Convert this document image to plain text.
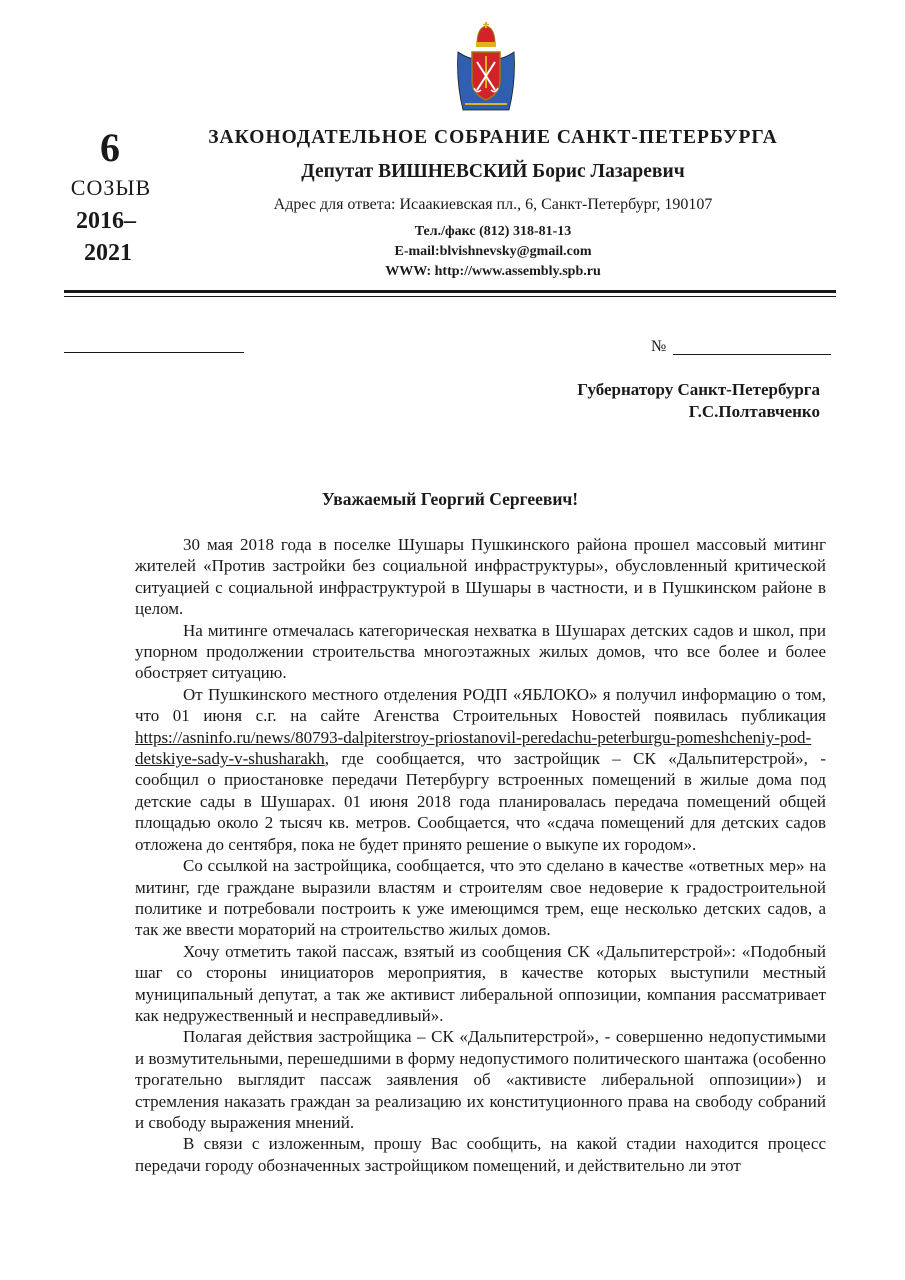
6
СОЗЫВ
2016–
2021
ЗАКОНОДАТЕЛЬНОЕ СОБРАНИЕ САНКТ-ПЕТЕРБУРГА
Депутат ВИШНЕВСКИЙ Борис Лазаревич
Адрес для ответа: Исаакиевская пл., 6, Санкт-Петербург, 190107
Тел./факс (812) 318-81-13
E-mail:blvishnevsky@gmail.com
WWW: http://www.assembly.spb.ru
№
Губернатору Санкт-Петербурга
Г.С.Полтавченко
Уважаемый Георгий Сергеевич!

30 мая 2018 года в поселке Шушары Пушкинского района прошел массовый митинг жителей «Против застройки без социальной инфраструктуры», обусловленный критической ситуацией с социальной инфраструктурой в Шушары в частности, и в Пушкинском районе в целом.

На митинге отмечалась категорическая нехватка в Шушарах детских садов и школ, при упорном продолжении строительства многоэтажных жилых домов, что все более и более обостряет ситуацию.

От Пушкинского местного отделения РОДП «ЯБЛОКО» я получил информацию о том, что 01 июня с.г. на сайте Агенства Строительных Новостей появилась публикация https://asninfo.ru/news/80793-dalpiterstroy-priostanovil-peredachu-peterburgu-pomeshcheniy-pod-detskiye-sady-v-shusharakh, где сообщается, что застройщик – СК «Дальпитерстрой», - сообщил о приостановке передачи Петербургу встроенных помещений в жилые дома под детские сады в Шушарах. 01 июня 2018 года планировалась передача помещений общей площадью около 2 тысяч кв. метров. Сообщается, что «сдача помещений для детских садов отложена до сентября, пока не будет принято решение о выкупе их городом».

Со ссылкой на застройщика, сообщается, что это сделано в качестве «ответных мер» на митинг, где граждане выразили властям и строителям свое недоверие к градостроительной политике и потребовали построить к уже имеющимся трем, еще несколько детских садов, а так же ввести мораторий на строительство жилых домов.

Хочу отметить такой пассаж, взятый из сообщения СК «Дальпитерстрой»: «Подобный шаг со стороны инициаторов мероприятия, в качестве которых выступили местный муниципальный депутат, а так же активист либеральной оппозиции, компания рассматривает как недружественный и несправедливый».

Полагая действия застройщика – СК «Дальпитерстрой», - совершенно недопустимыми и возмутительными, перешедшими в форму недопустимого политического шантажа (особенно трогательно выглядит пассаж заявления об «активисте либеральной оппозиции») и стремления наказать граждан за реализацию их конституционного права на свободу собраний и свободу выражения мнений.

В связи с изложенным, прошу Вас сообщить, на какой стадии находится процесс передачи городу обозначенных застройщиком помещений, и действительно ли этот
